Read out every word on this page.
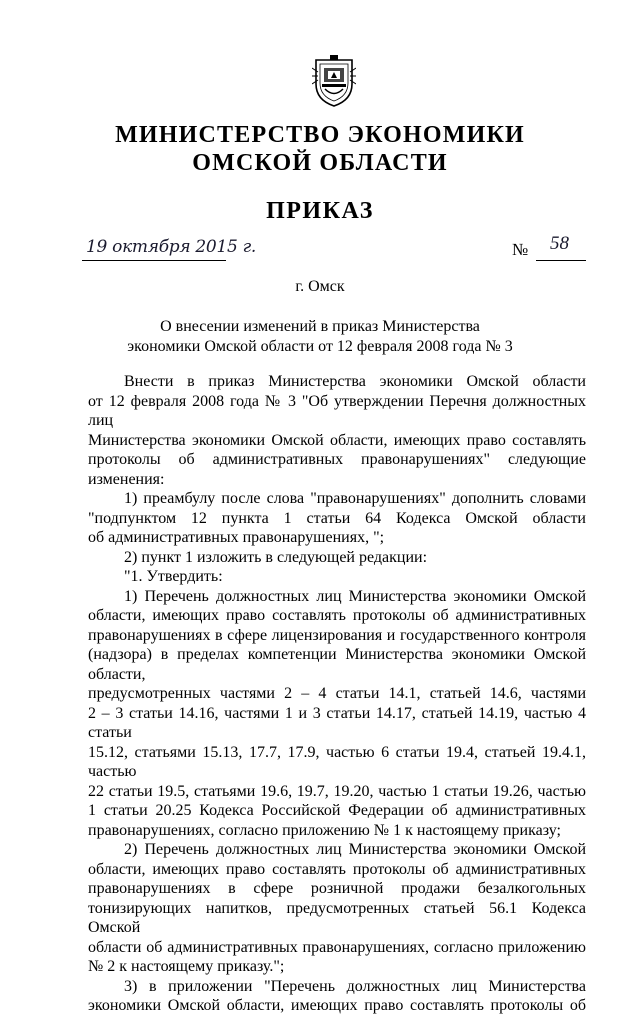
МИНИСТЕРСТВО ЭКОНОМИКИ
ОМСКОЙ ОБЛАСТИ
ПРИКАЗ
19 октября 2015 г.	№ 58
г. Омск
О внесении изменений в приказ Министерства
экономики Омской области от 12 февраля 2008 года № 3

Внести в приказ Министерства экономики Омской области

от 12 февраля 2008 года № 3 "Об утверждении Перечня должностных лиц

Министерства экономики Омской области, имеющих право составлять

протоколы об административных правонарушениях" следующие изменения:

1) преамбулу после слова "правонарушениях" дополнить словами

"подпунктом 12 пункта 1 статьи 64 Кодекса Омской области

об административных правонарушениях, ";

2) пункт 1 изложить в следующей редакции:

"1. Утвердить:

1) Перечень должностных лиц Министерства экономики Омской

области, имеющих право составлять протоколы об административных

правонарушениях в сфере лицензирования и государственного контроля

(надзора) в пределах компетенции Министерства экономики Омской области,

предусмотренных частями 2 – 4 статьи 14.1, статьей 14.6, частями

2 – 3 статьи 14.16, частями 1 и 3 статьи 14.17, статьей 14.19, частью 4 статьи

15.12, статьями 15.13, 17.7, 17.9, частью 6 статьи 19.4, статьей 19.4.1, частью

22 статьи 19.5, статьями 19.6, 19.7, 19.20, частью 1 статьи 19.26, частью

1 статьи 20.25 Кодекса Российской Федерации об административных

правонарушениях, согласно приложению № 1 к настоящему приказу;

2) Перечень должностных лиц Министерства экономики Омской

области, имеющих право составлять протоколы об административных

правонарушениях в сфере розничной продажи безалкогольных

тонизирующих напитков, предусмотренных статьей 56.1 Кодекса Омской

области об административных правонарушениях, согласно приложению

№ 2 к настоящему приказу.";

3) в приложении "Перечень должностных лиц Министерства

экономики Омской области, имеющих право составлять протоколы об
